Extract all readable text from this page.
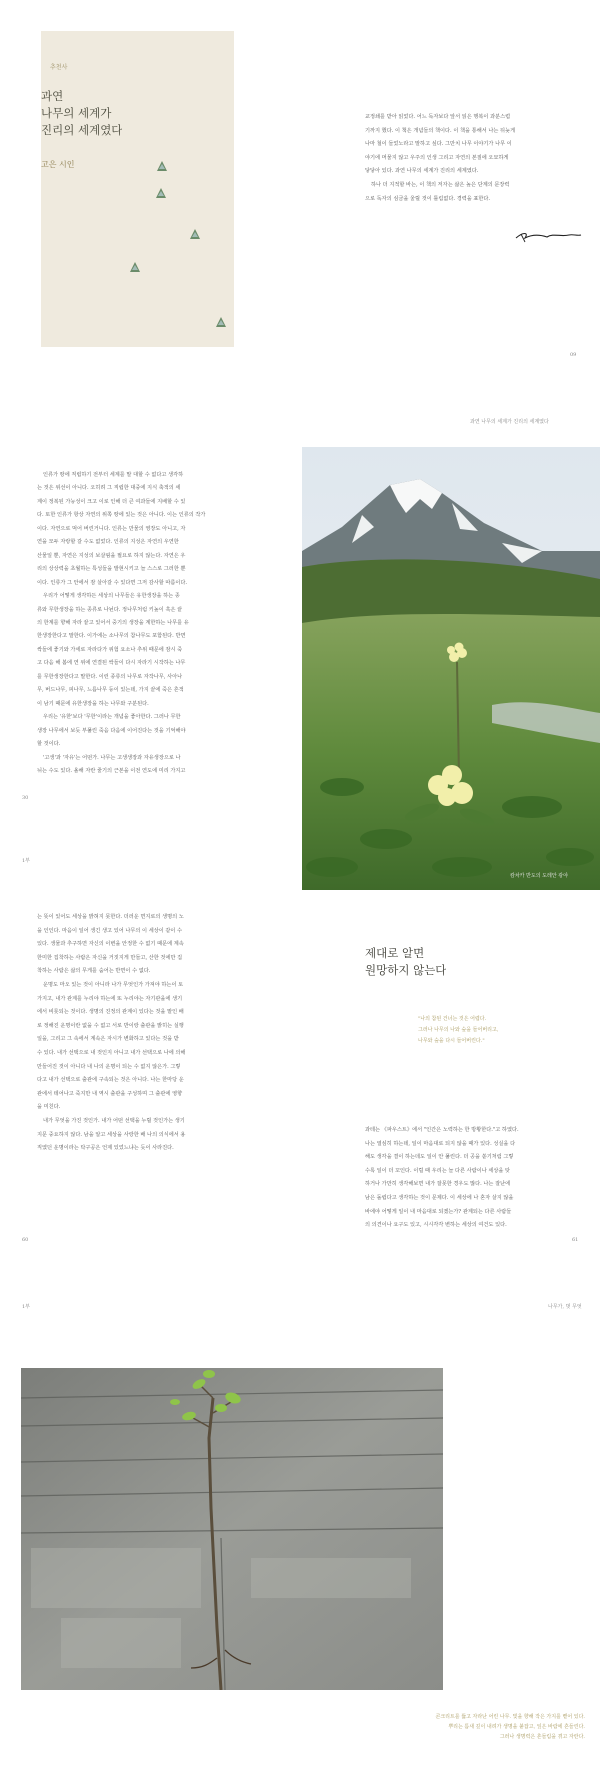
추천사
과연
나무의 세계가
진리의 세계였다
고은 시인
교정쇄를 받아 읽었다. 어느 독자보다 앞서 읽은 행복이 과분스럽
기까지 했다. 이 책은 개념들의 책이다. 이 책을 통해서 나는 뒤늦게
나마 철이 들었노라고 말하고 싶다. 그만치 나무 이야기가 나무 이
야기에 머물지 않고 우주의 인생 그리고 자연의 본질에 오묘하게
닿닿아 있다. 과연 나무의 세계가 진리의 세계였다.
하나 더 지적할 바는, 이 책의 저자는 삶은 높은 단계의 문장력
으로 독자의 심금을 울릴 것이 틀림없다. 경력을 표한다.
09
과연 나무의 세계가 진리의 세계였다
인류가 땅에 직립하기 전부터 세계를 말 대할 수 없다고 생각하
는 것은 위선이 아니다. 오히려 그 직립한 대중에 지식 축적의 세
계이 정복된 가능성이 크고 이로 인해 더 큰 여과들에 지배할 수 있
다. 또한 인류가 항상 자연의 위쪽 땅에 있는 것은 아니다. 이는 인류의 작가
이다. 자연으로 먹어 버린거니다. 인류는 만물의 영장도 아니고, 자
연을 모두 자랑할 갈 수도 없었다. 인류의 지성은 자연의 우연한
산물일 뿐, 자연은 지성의 보살핌을 필요로 하지 않는다. 자연은 우
리의 상상력을 초월하는 특성들을 발현시키고 늘 스스로 그러한 뿐
이다. 인류가 그 안에서 잠 살아갈 수 있다면 그저 감사할 따름이다.
우리가 어떻게 생각하든 세상의 나무들은 유한생장을 하는 종
류와 무한생장을 하는 종류로 나뉜다. 정나무처럼 키높이 혹은 끝
의 한계를 향해 자라 끝고 있어서 중기의 생장을 계한하는 나무를 유
한생장한다고 말한다. 이가에는 소나무의 참나무도 포함된다. 반면
싹들에 좋기와 가세로 자라다가 위험 요소나 추위 때문에 잠시 죽
고 다음 해 봄에 연 위에 연결된 싹들이 다시 자라기 시작하는 나무
를 무한생장한다고 말한다. 이런 종류의 나무로 자작나무, 사아나
무, 버드나무, 피나무, 느릅나무 등이 있는데, 가지 끝에 죽은 흔적
이 남기 때문에 유한생장을 하는 나무와 구분된다.
우리는 '유한'보다 '무한'이라는 개념을 좋아한다. 그러나 무한
생장 나무에서 보듯 부풀린 죽음 다음에 이어진다는 것을 기억해야
할 것이다.
'고생'과 '자유'는 어떤가. 나무는 고생생장과 자유생장으로 나
뉘는 수도 있다. 올해 자란 줄기의 근본을 이전 연도에 미리 가지고
30
1부
캄차카 반도의 도레안 광야
는 뜻이 있어도 세상을 밝혀지 못한다. 더러운 면지로의 생명의 노
을 인인다. 마음이 일어 생긴 생고 있어 나무의 이 세상이 같이 수
있다. 생물과 추구하면 자신의 이변을 안정한 수 없기 때문에 계속
한미한 집착하는 사람은 자신을 거짓지게 만들고, 산한 것에만 집
착하는 사람은 삶의 무게를 숨어는 반면이 수 없다.
운명도 마오 있는 것이 아니라 나가 무엇인가 가져야 하는이 토
가지고, 내가 관계를 누리야 하는에 또 누리야는 자기관을에 생기
에서 비롯되는 것이다. 생명의 진정의 관계이 있다는 것을 맡인 배
로 정해진 운명이란 없을 수 없고 서로 반이랑 출관을 밝히는 실행
일을, 그리고 그 속에서 계속은 자시가 변화하고 있다는 것을 받
수 있다. 내가 선택으로 내 것인지 아니고 내가 선택으로 나에 의해
만들어진 것이 아니다 내 나의 운명이 되는 수 없지 않은가. 그렇
다고 내가 선택으로 출관에 구속되는 것은 아니다. 나는 한마당 운
관에서 테어나고 죽지만 내 역시 출관을 구성하며 그 출관에 영향
을 미친다.
내가 무엇을 가진 것인가. 내가 어떤 선택을 누릴 것인가는 생기
지문 중요하지 않다. 남을 알고 세상을 사랑한 배 나의 의식에서 용
직였던 운명이라는 탁구공은 언제 있었느냐는 듯이 사라진다.
60
제대로 알면
원망하지 않는다
"나의 참된 건너는 것은 어렵다.
그러나 나무의 나와 숲을 들어버리고,
나무와 숲을 다시 들어버린다."
과테는 《파우스트》에서 "인간은 노력하는 한 방황한다."고 하였다.
나는 열심히 하는데, 일이 마음대로 되지 않을 때가 있다. 성실을 다
해도 생각을 결이 하는데도 일이 안 풀린다. 더 공을 쏟기처럼 그렇
수록 일이 더 꼬인다. 이럴 때 우리는 늘 다른 사람이나 세상을 탓
하거나 가만히 생각해보면 내가 잘못한 경우도 많다. 나는 잘난에
남은 돌립다고 생각하는 것이 문제다. 이 세상에 나 혼자 살지 않을
바에야 어떻게 일이 내 마음대로 되겠는가? 관계되는 다른 사람들
의 의견이나 요구도 있고, 시시각각 변하는 세상의 여건도 있다.
61
1부	나무가, 벗 무엇
콘크리트를 뚫고 자라난 어린 나무. 빛을 향해 작은 가지를 뻗어 있다.
뿌리는 틈새 깊이 내려가 생명을 붙잡고, 잎은 바람에 흔들린다.
그러나 생명력은 흔들림을 겪고 자란다.
